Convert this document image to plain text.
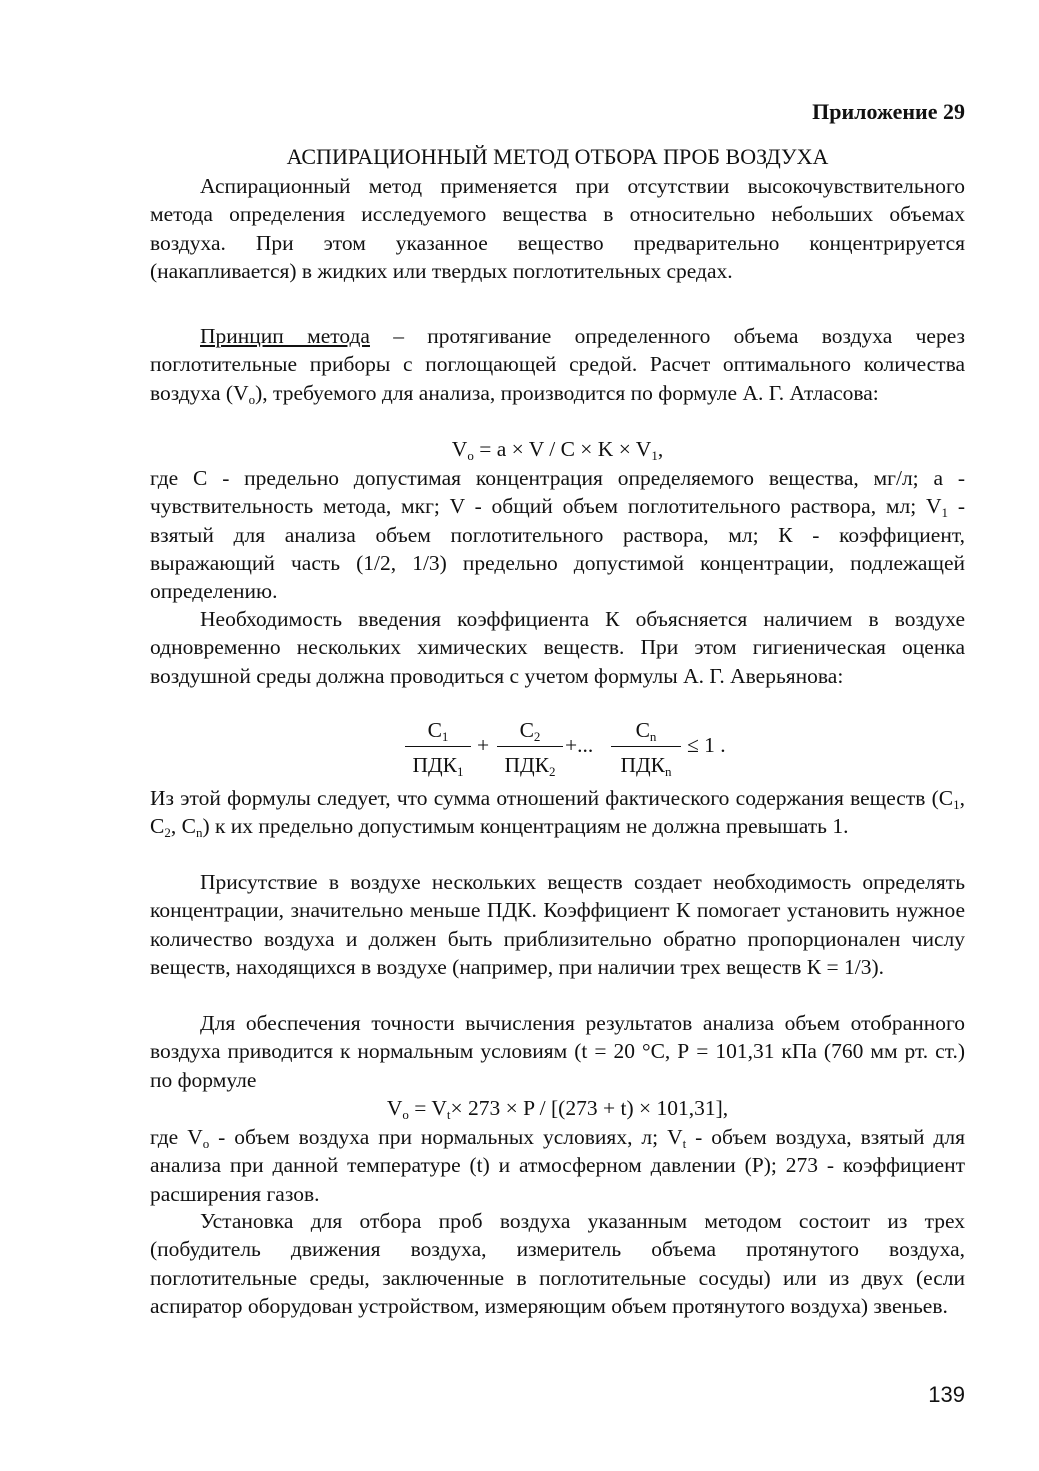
Приложение 29
АСПИРАЦИОННЫЙ МЕТОД ОТБОРА ПРОБ ВОЗДУХА

Аспирационный метод применяется при отсутствии высокочувствительного метода определения исследуемого вещества в относительно небольших объемах воздуха. При этом указанное вещество предварительно концентрируется (накапливается) в жидких или твердых поглотительных средах.

Принцип метода – протягивание определенного объема воздуха через поглотительные приборы с поглощающей средой. Расчет оптимального количества воздуха $(V_o)$, требуемого для анализа, производится по формуле А. Г. Атласова:

$V_o = a \times V / C \times K \times V_1$,

где С - предельно допустимая концентрация определяемого вещества, мг/л; а - чувствительность метода, мкг; V - общий объем поглотительного раствора, мл; $V_1$ - взятый для анализа объем поглотительного раствора, мл; К - коэффициент, выражающий часть (1/2, 1/3) предельно допустимой концентрации, подлежащей определению.

Необходимость введения коэффициента К объясняется наличием в воздухе одновременно нескольких химических веществ. При этом гигиеническая оценка воздушной среды должна проводиться с учетом формулы А. Г. Аверьянова:

$C_1$
$ПДК_1$
+
$C_2$
$ПДК_2$
+...
$C_n$
$ПДК_n$
≤ 1 .

Из этой формулы следует, что сумма отношений фактического содержания веществ ($С_1$, $С_2$, $С_n$) к их предельно допустимым концентрациям не должна превышать 1.

Присутствие в воздухе нескольких веществ создает необходимость определять концентрации, значительно меньше ПДК. Коэффициент К помогает установить нужное количество воздуха и должен быть приблизительно обратно пропорционален числу веществ, находящихся в воздухе (например, при наличии трех веществ К = 1/3).

Для обеспечения точности вычисления результатов анализа объем отобранного воздуха приводится к нормальным условиям (t = 20 °С, Р = 101,31 кПа (760 мм рт. ст.) по формуле

$V_o = V_t\times 273 \times P / [(273 + t) \times 101,31]$,

где $V_o$ - объем воздуха при нормальных условиях, л; $V_t$ - объем воздуха, взятый для анализа при данной температуре (t) и атмосферном давлении (P); 273 - коэффициент расширения газов.

Установка для отбора проб воздуха указанным методом состоит из трех (побудитель движения воздуха, измеритель объема протянутого воздуха, поглотительные среды, заключенные в поглотительные сосуды) или из двух (если аспиратор оборудован устройством, измеряющим объем протянутого воздуха) звеньев.

139
